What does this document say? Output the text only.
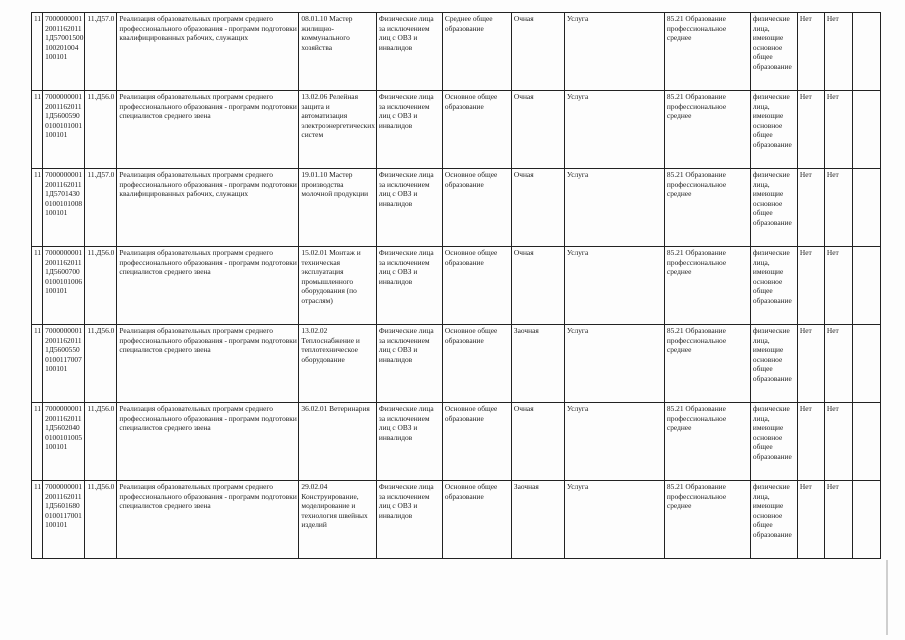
11	7000000001 2001162011 1Д57001500 100201004 100101	11.Д57.0	Реализация образовательных программ среднего профессионального образования - программ подготовки квалифицированных рабочих, служащих	08.01.10 Мастер жилищно-коммунального хозяйства	Физические лица за исключением лиц с ОВЗ и инвалидов	Среднее общее образование	Очная	Услуга	85.21 Образование профессиональное среднее	физические лица, имеющие основное общее образование	Нет	Нет	
11	7000000001 2001162011 1Д5600590 0100101001 100101	11.Д56.0	Реализация образовательных программ среднего профессионального образования - программ подготовки специалистов среднего звена	13.02.06 Релейная защита и автоматизация электроэнергетических систем	Физические лица за исключением лиц с ОВЗ и инвалидов	Основное общее образование	Очная	Услуга	85.21 Образование профессиональное среднее	физические лица, имеющие основное общее образование	Нет	Нет	
11	7000000001 2001162011 1Д5701430 0100101008 100101	11.Д57.0	Реализация образовательных программ среднего профессионального образования - программ подготовки квалифицированных рабочих, служащих	19.01.10 Мастер производства молочной продукции	Физические лица за исключением лиц с ОВЗ и инвалидов	Основное общее образование	Очная	Услуга	85.21 Образование профессиональное среднее	физические лица, имеющие основное общее образование	Нет	Нет	
11	7000000001 2001162011 1Д5600700 0100101006 100101	11.Д56.0	Реализация образовательных программ среднего профессионального образования - программ подготовки специалистов среднего звена	15.02.01 Монтаж и техническая эксплуатация промышленного оборудования (по отраслям)	Физические лица за исключением лиц с ОВЗ и инвалидов	Основное общее образование	Очная	Услуга	85.21 Образование профессиональное среднее	физические лица, имеющие основное общее образование	Нет	Нет	
11	7000000001 2001162011 1Д5600550 0100117007 100101	11.Д56.0	Реализация образовательных программ среднего профессионального образования - программ подготовки специалистов среднего звена	13.02.02 Теплоснабжение и теплотехническое оборудование	Физические лица за исключением лиц с ОВЗ и инвалидов	Основное общее образование	Заочная	Услуга	85.21 Образование профессиональное среднее	физические лица, имеющие основное общее образование	Нет	Нет	
11	7000000001 2001162011 1Д5602040 0100101005 100101	11.Д56.0	Реализация образовательных программ среднего профессионального образования - программ подготовки специалистов среднего звена	36.02.01 Ветеринария	Физические лица за исключением лиц с ОВЗ и инвалидов	Основное общее образование	Очная	Услуга	85.21 Образование профессиональное среднее	физические лица, имеющие основное общее образование	Нет	Нет	
11	7000000001 2001162011 1Д5601680 0100117001 100101	11.Д56.0	Реализация образовательных программ среднего профессионального образования - программ подготовки специалистов среднего звена	29.02.04 Конструирование, моделирование и технология швейных изделий	Физические лица за исключением лиц с ОВЗ и инвалидов	Основное общее образование	Заочная	Услуга	85.21 Образование профессиональное среднее	физические лица, имеющие основное общее образование	Нет	Нет	
